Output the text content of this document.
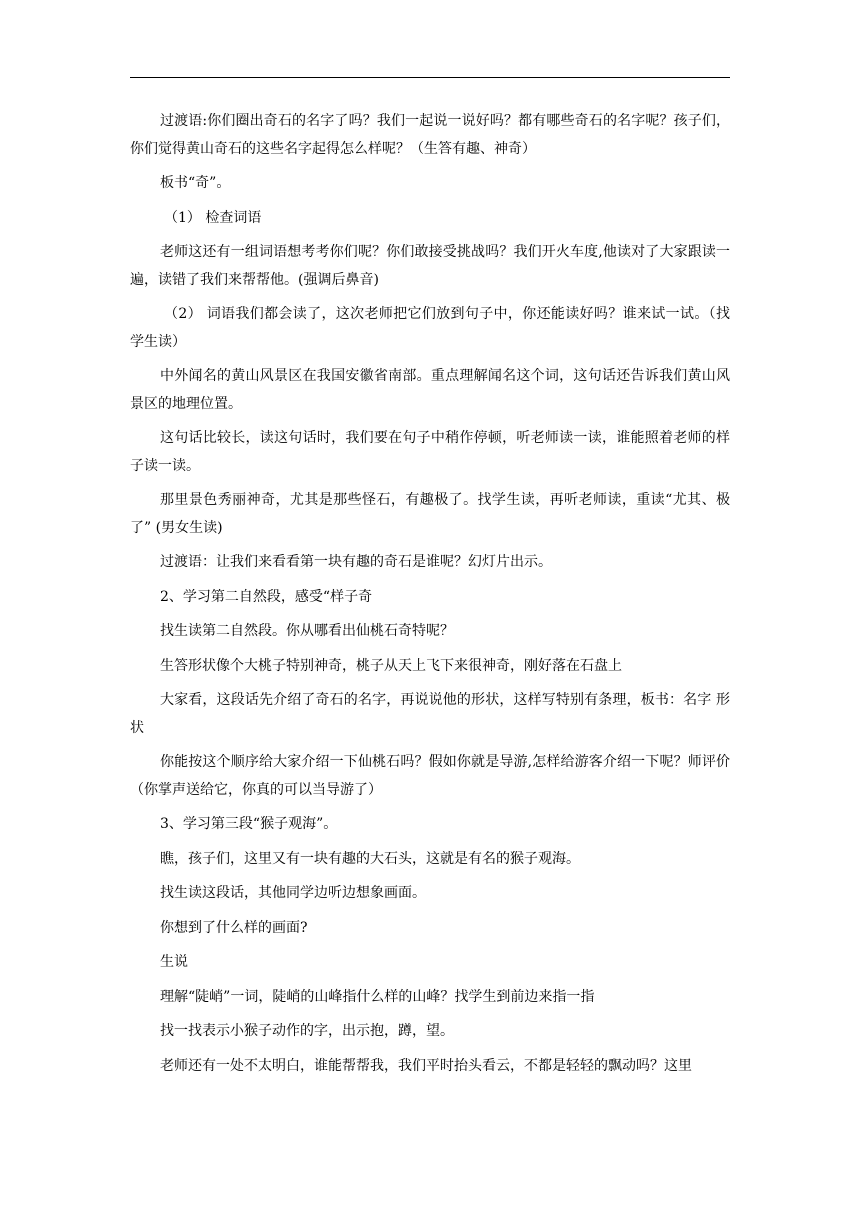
过渡语:你们圈出奇石的名字了吗？我们一起说一说好吗？都有哪些奇石的名字呢？孩子们，你们觉得黄山奇石的这些名字起得怎么样呢？（生答有趣、神奇）

板书“奇”。

（1） 检查词语

老师这还有一组词语想考考你们呢？你们敢接受挑战吗？我们开火车度,他读对了大家跟读一遍，读错了我们来帮帮他。(强调后鼻音)

（2） 词语我们都会读了，这次老师把它们放到句子中，你还能读好吗？谁来试一试。（找学生读）

中外闻名的黄山风景区在我国安徽省南部。重点理解闻名这个词，这句话还告诉我们黄山风景区的地理位置。

这句话比较长，读这句话时，我们要在句子中稍作停顿，听老师读一读，谁能照着老师的样子读一读。

那里景色秀丽神奇，尤其是那些怪石，有趣极了。找学生读，再听老师读，重读“尤其、极了” (男女生读)

过渡语：让我们来看看第一块有趣的奇石是谁呢？幻灯片出示。

2、学习第二自然段，感受“样子奇

找生读第二自然段。你从哪看出仙桃石奇特呢？

生答形状像个大桃子特别神奇，桃子从天上飞下来很神奇，刚好落在石盘上

大家看，这段话先介绍了奇石的名字，再说说他的形状，这样写特别有条理，板书：名字 形状

你能按这个顺序给大家介绍一下仙桃石吗？假如你就是导游,怎样给游客介绍一下呢？师评价（你掌声送给它，你真的可以当导游了）

3、学习第三段“猴子观海”。

瞧，孩子们，这里又有一块有趣的大石头，这就是有名的猴子观海。

找生读这段话，其他同学边听边想象画面。

你想到了什么样的画面?

生说

理解“陡峭”一词，陡峭的山峰指什么样的山峰？找学生到前边来指一指

找一找表示小猴子动作的字，出示抱，蹲，望。

老师还有一处不太明白，谁能帮帮我，我们平时抬头看云，不都是轻轻的飘动吗？这里
